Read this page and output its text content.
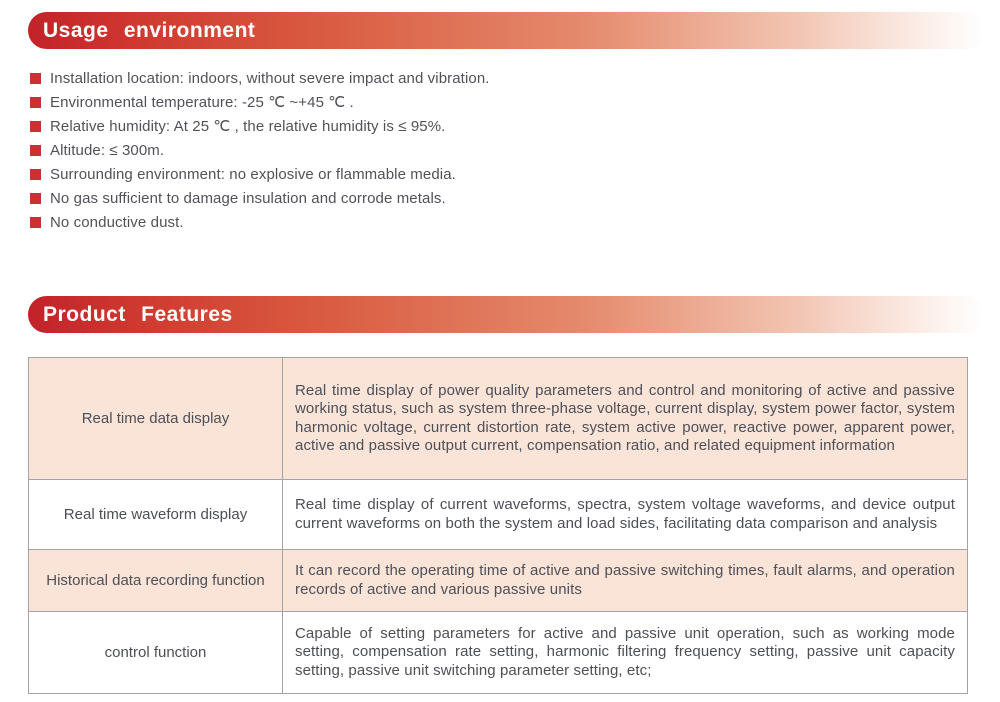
Usage environment
Installation location: indoors, without severe impact and vibration.
Environmental temperature: -25 ℃ ~+45 ℃ .
Relative humidity: At 25 ℃ , the relative humidity is ≤ 95%.
Altitude: ≤ 300m.
Surrounding environment: no explosive or flammable media.
No gas sufficient to damage insulation and corrode metals.
No conductive dust.
Product Features
Real time data display	Real time display of power quality parameters and control and monitoring of active and passive working status, such as system three-phase voltage, current display, system power factor, system harmonic voltage, current distortion rate, system active power, reactive power, apparent power, active and passive output current, compensation ratio, and related equipment information
Real time waveform display	Real time display of current waveforms, spectra, system voltage waveforms, and device output current waveforms on both the system and load sides, facilitating data comparison and analysis
Historical data recording function	It can record the operating time of active and passive switching times, fault alarms, and operation records of active and various passive units
control function	Capable of setting parameters for active and passive unit operation, such as working mode setting, compensation rate setting, harmonic filtering frequency setting, passive unit capacity setting, passive unit switching parameter setting, etc;
